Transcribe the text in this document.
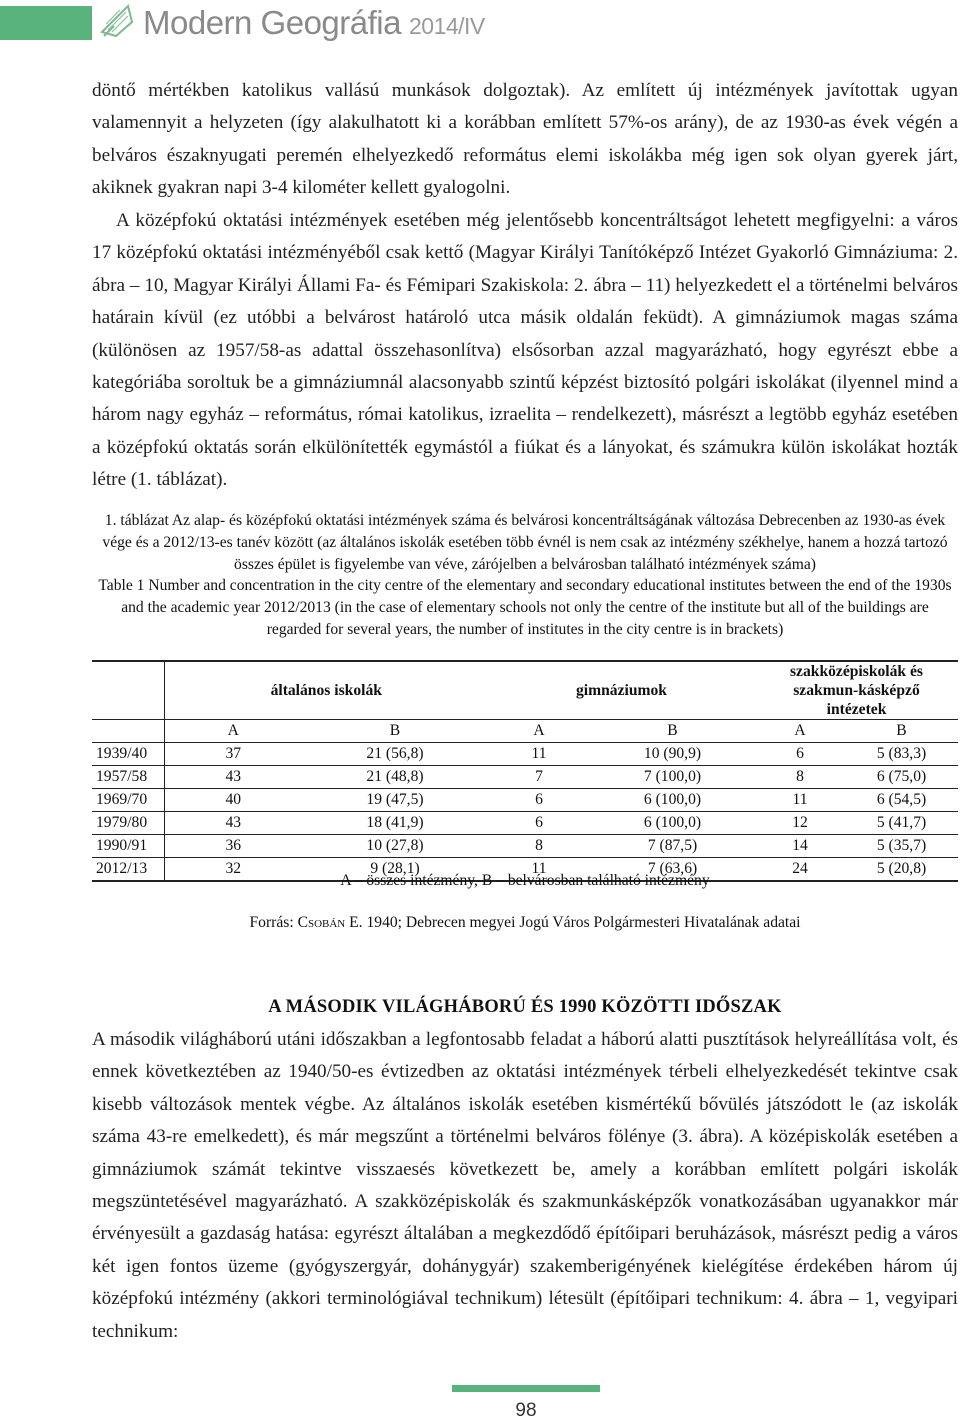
Modern Geográfia 2014/IV

döntő mértékben katolikus vallású munkások dolgoztak). Az említett új intézmények javítottak ugyan valamennyit a helyzeten (így alakulhatott ki a korábban említett 57%-os arány), de az 1930-as évek végén a belváros északnyugati peremén elhelyezkedő református elemi iskolákba még igen sok olyan gyerek járt, akiknek gyakran napi 3-4 kilométer kellett gyalogolni.

A középfokú oktatási intézmények esetében még jelentősebb koncentráltságot lehetett megfigyelni: a város 17 középfokú oktatási intézményéből csak kettő (Magyar Királyi Tanítóképző Intézet Gyakorló Gimnáziuma: 2. ábra – 10, Magyar Királyi Állami Fa- és Fémipari Szakiskola: 2. ábra – 11) helyezkedett el a történelmi belváros határain kívül (ez utóbbi a belvárost határoló utca másik oldalán feküdt). A gimnáziumok magas száma (különösen az 1957/58-as adattal összehasonlítva) elsősorban azzal magyarázható, hogy egyrészt ebbe a kategóriába soroltuk be a gimnáziumnál alacsonyabb szintű képzést biztosító polgári iskolákat (ilyennel mind a három nagy egyház – református, római katolikus, izraelita – rendelkezett), másrészt a legtöbb egyház esetében a középfokú oktatás során elkülönítették egymástól a fiúkat és a lányokat, és számukra külön iskolákat hozták létre (1. táblázat).

1. táblázat Az alap- és középfokú oktatási intézmények száma és belvárosi koncentráltságának változása Debrecenben az 1930-as évek vége és a 2012/13-es tanév között (az általános iskolák esetében több évnél is nem csak az intézmény székhelye, hanem a hozzá tartozó összes épület is figyelembe van véve, zárójelben a belvárosban található intézmények száma)
Table 1 Number and concentration in the city centre of the elementary and secondary educational institutes between the end of the 1930s and the academic year 2012/2013 (in the case of elementary schools not only the centre of the institute but all of the buildings are regarded for several years, the number of institutes in the city centre is in brackets)
	általános iskolák		gimnáziumok		szakközépiskolák és szakmun-kásképző intézetek	
	A	B	A	B	A	B
1939/40	37	21 (56,8)	11	10 (90,9)	6	5 (83,3)
1957/58	43	21 (48,8)	7	7 (100,0)	8	6 (75,0)
1969/70	40	19 (47,5)	6	6 (100,0)	11	6 (54,5)
1979/80	43	18 (41,9)	6	6 (100,0)	12	5 (41,7)
1990/91	36	10 (27,8)	8	7 (87,5)	14	5 (35,7)
2012/13	32	9 (28,1)	11	7 (63,6)	24	5 (20,8)

A – összes intézmény, B – belvárosban található intézmény

Forrás: Csobán E. 1940; Debrecen megyei Jogú Város Polgármesteri Hivatalának adatai

A MÁSODIK VILÁGHÁBORÚ ÉS 1990 KÖZÖTTI IDŐSZAK

A második világháború utáni időszakban a legfontosabb feladat a háború alatti pusztítások helyreállítása volt, és ennek következtében az 1940/50-es évtizedben az oktatási intézmények térbeli elhelyezkedését tekintve csak kisebb változások mentek végbe. Az általános iskolák esetében kismértékű bővülés játszódott le (az iskolák száma 43-re emelkedett), és már megszűnt a történelmi belváros fölénye (3. ábra). A középiskolák esetében a gimnáziumok számát tekintve visszaesés következett be, amely a korábban említett polgári iskolák megszüntetésével magyarázható. A szakközépiskolák és szakmunkásképzők vonatkozásában ugyanakkor már érvényesült a gazdaság hatása: egyrészt általában a megkezdődő építőipari beruházások, másrészt pedig a város két igen fontos üzeme (gyógyszergyár, dohánygyár) szakemberigényének kielégítése érdekében három új középfokú intézmény (akkori terminológiával technikum) létesült (építőipari technikum: 4. ábra – 1, vegyipari technikum:

98
